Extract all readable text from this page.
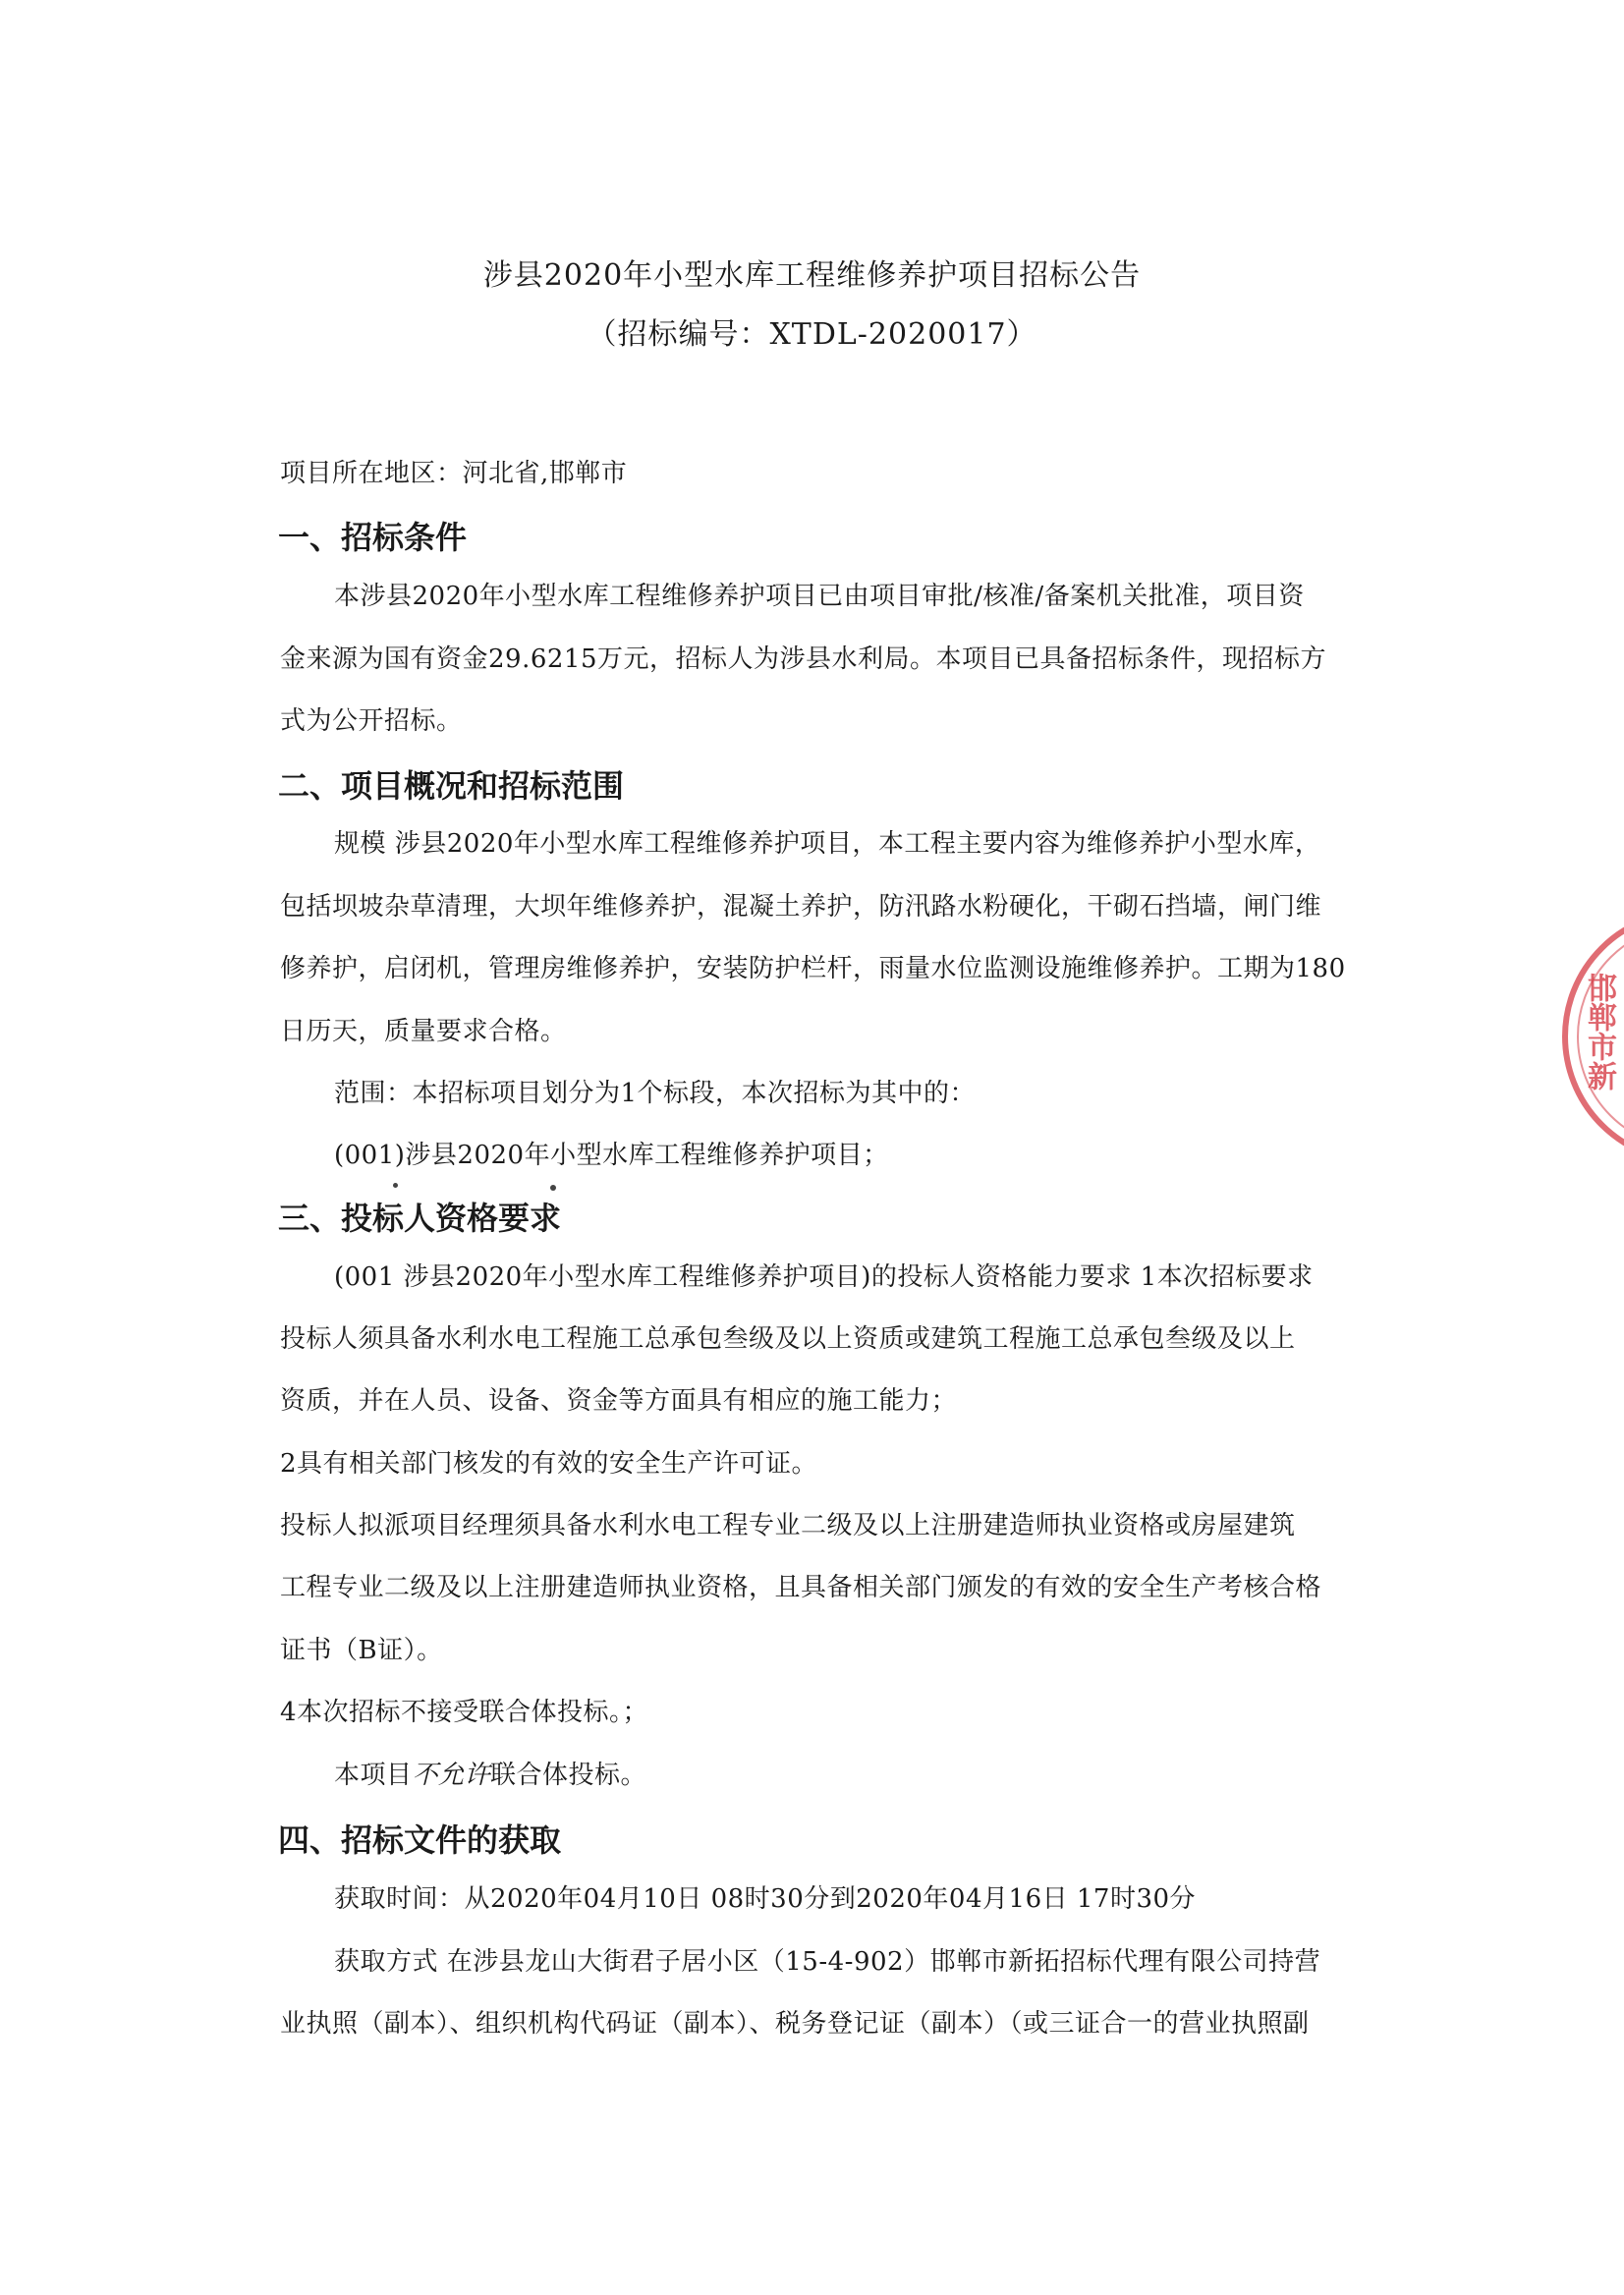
涉县2020年小型水库工程维修养护项目招标公告
（招标编号：XTDL-2020017）
项目所在地区：河北省,邯郸市
一、招标条件
本涉县2020年小型水库工程维修养护项目已由项目审批/核准/备案机关批准，项目资
金来源为国有资金29.6215万元，招标人为涉县水利局。本项目已具备招标条件，现招标方
式为公开招标。
二、项目概况和招标范围
规模 涉县2020年小型水库工程维修养护项目，本工程主要内容为维修养护小型水库，
包括坝坡杂草清理，大坝年维修养护，混凝土养护，防汛路水粉硬化，干砌石挡墙，闸门维
修养护，启闭机，管理房维修养护，安装防护栏杆，雨量水位监测设施维修养护。工期为180
日历天，质量要求合格。
范围：本招标项目划分为1个标段，本次招标为其中的：
(001)涉县2020年小型水库工程维修养护项目；
三、投标人资格要求
(001 涉县2020年小型水库工程维修养护项目)的投标人资格能力要求 1本次招标要求
投标人须具备水利水电工程施工总承包叁级及以上资质或建筑工程施工总承包叁级及以上
资质，并在人员、设备、资金等方面具有相应的施工能力；
2具有相关部门核发的有效的安全生产许可证。
投标人拟派项目经理须具备水利水电工程专业二级及以上注册建造师执业资格或房屋建筑
工程专业二级及以上注册建造师执业资格，且具备相关部门颁发的有效的安全生产考核合格
证书（B证）。
4本次招标不接受联合体投标。；
本项目不允许联合体投标。
四、招标文件的获取
获取时间：从2020年04月10日 08时30分到2020年04月16日 17时30分
获取方式 在涉县龙山大街君子居小区（15-4-902）邯郸市新拓招标代理有限公司持营
业执照（副本）、组织机构代码证（副本）、税务登记证（副本）（或三证合一的营业执照副
邯郸市新
